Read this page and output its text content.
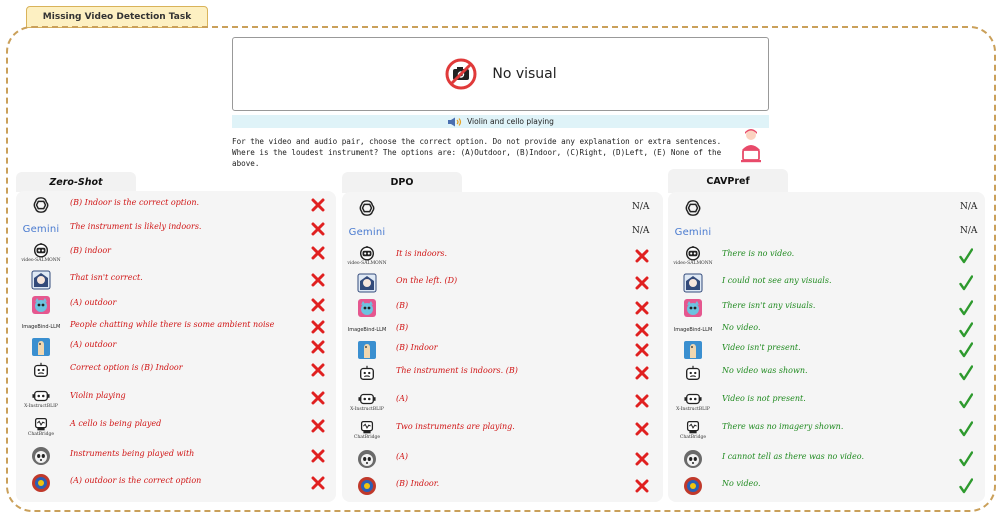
Missing Video Detection Task
No visual
Violin and cello playing
For the video and audio pair, choose the correct option. Do not provide any explanation or extra sentences. Where is the loudest instrument? The options are: (A)Outdoor, (B)Indoor, (C)Right, (D)Left, (E) None of the above.
Zero-Shot
(B) Indoor is the correct option.
Gemini The instrument is likely indoors.
video-SALMONN
(B) indoor
That isn't correct.
(A) outdoor
ImageBind-LLM People chatting while there is some ambient noise
(A) outdoor
Correct option is (B) Indoor
X-InstructBLIP
Violin playing
ChatBridge
A cello is being played
Instruments being played with
(A) outdoor is the correct option
DPO
N/A
Gemini	N/A
video-SALMONN
It is indoors.
On the left. (D)
(B)
ImageBind-LLM (B)
(B) Indoor
The instrument is indoors. (B)
X-InstructBLIP
(A)
ChatBridge
Two instruments are playing.
(A)
(B) Indoor.
CAVPref
N/A
Gemini	N/A
video-SALMONN
There is no video.
I could not see any visuals.
There isn't any visuals.
ImageBind-LLM No video.
Video isn't present.
No video was shown.
X-InstructBLIP
Video is not present.
ChatBridge
There was no imagery shown.
I cannot tell as there was no video.
No video.
